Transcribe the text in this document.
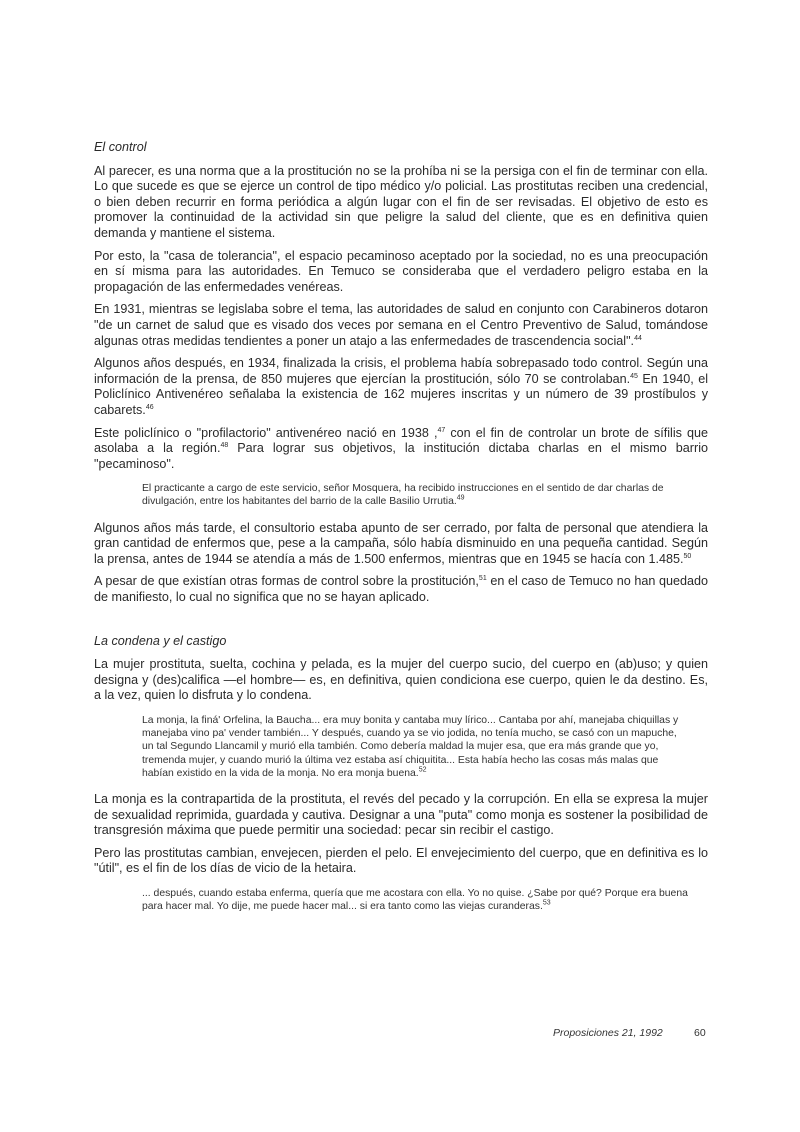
El control

Al parecer, es una norma que a la prostitución no se la prohíba ni se la persiga con el fin de terminar con ella. Lo que sucede es que se ejerce un control de tipo médico y/o policial. Las prostitutas reciben una credencial, o bien deben recurrir en forma periódica a algún lugar con el fin de ser revisadas. El objetivo de esto es promover la continuidad de la actividad sin que peligre la salud del cliente, que es en definitiva quien demanda y mantiene el sistema.

Por esto, la "casa de tolerancia", el espacio pecaminoso aceptado por la sociedad, no es una preocupación en sí misma para las autoridades. En Temuco se consideraba que el verdadero peligro estaba en la propagación de las enfermedades venéreas.

En 1931, mientras se legislaba sobre el tema, las autoridades de salud en conjunto con Carabineros dotaron "de un carnet de salud que es visado dos veces por semana en el Centro Preventivo de Salud, tomándose algunas otras medidas tendientes a poner un atajo a las enfermedades de trascendencia social".$^{44}$

Algunos años después, en 1934, finalizada la crisis, el problema había sobrepasado todo control. Según una información de la prensa, de 850 mujeres que ejercían la prostitución, sólo 70 se controlaban.$^{45}$ En 1940, el Policlínico Antivenéreo señalaba la existencia de 162 mujeres inscritas y un número de 39 prostíbulos y cabarets.$^{46}$

Este policlínico o "profilactorio" antivenéreo nació en 1938 ,$^{47}$ con el fin de controlar un brote de sífilis que asolaba a la región.$^{48}$ Para lograr sus objetivos, la institución dictaba charlas en el mismo barrio "pecaminoso".

El practicante a cargo de este servicio, señor Mosquera, ha recibido instrucciones en el sentido de dar charlas de divulgación, entre los habitantes del barrio de la calle Basilio Urrutia.$^{49}$

Algunos años más tarde, el consultorio estaba apunto de ser cerrado, por falta de personal que atendiera la gran cantidad de enfermos que, pese a la campaña, sólo había disminuido en una pequeña cantidad. Según la prensa, antes de 1944 se atendía a más de 1.500 enfermos, mientras que en 1945 se hacía con 1.485.50

A pesar de que existían otras formas de control sobre la prostitución,$^{51}$ en el caso de Temuco no han quedado de manifiesto, lo cual no significa que no se hayan aplicado.

La condena y el castigo

La mujer prostituta, suelta, cochina y pelada, es la mujer del cuerpo sucio, del cuerpo en (ab)uso; y quien designa y (des)califica —el hombre— es, en definitiva, quien condiciona ese cuerpo, quien le da destino. Es, a la vez, quien lo disfruta y lo condena.

La monja, la finá' Orfelina, la Baucha... era muy bonita y cantaba muy lírico... Cantaba por ahí, manejaba chiquillas y manejaba vino pa' vender también... Y después, cuando ya se vio jodida, no tenía mucho, se casó con un mapuche, un tal Segundo Llancamil y murió ella también. Como debería maldad la mujer esa, que era más grande que yo, tremenda mujer, y cuando murió la última vez estaba así chiquitita... Esta había hecho las cosas más malas que habían existido en la vida de la monja. No era monja buena.$^{52}$

La monja es la contrapartida de la prostituta, el revés del pecado y la corrupción. En ella se expresa la mujer de sexualidad reprimida, guardada y cautiva. Designar a una "puta" como monja es sostener la posibilidad de transgresión máxima que puede permitir una sociedad: pecar sin recibir el castigo.

Pero las prostitutas cambian, envejecen, pierden el pelo. El envejecimiento del cuerpo, que en definitiva es lo "útil", es el fin de los días de vicio de la hetaira.

... después, cuando estaba enferma, quería que me acostara con ella. Yo no quise. ¿Sabe por qué? Porque era buena para hacer mal. Yo dije, me puede hacer mal... si era tanto como las viejas curanderas.$^{53}$
Proposiciones 21, 1992	60
